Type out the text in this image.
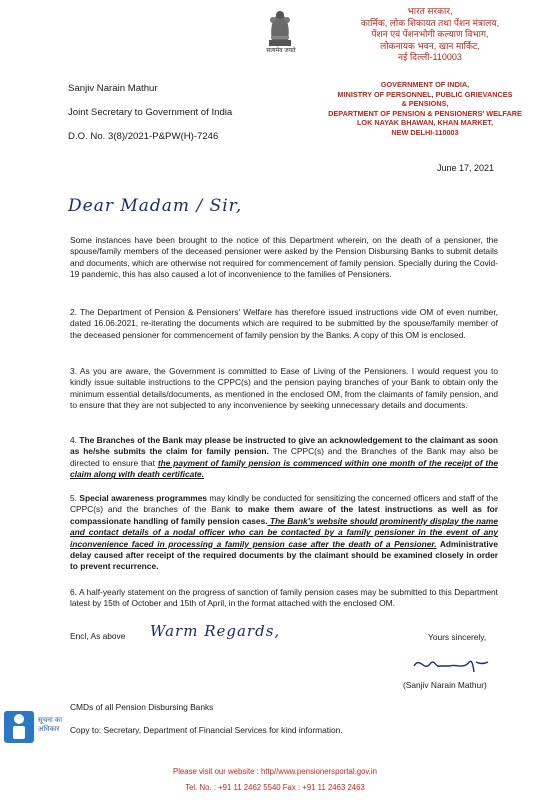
Sanjiv Narain Mathur
Joint Secretary to Government of India
D.O. No. 3(8)/2021-P&PW(H)-7246
सत्यमेव जयते
भारत सरकार,
कार्मिक, लोक शिकायत तथा पेंशन मंत्रालय,
पेंशन एवं पेंशनभोगी कल्याण विभाग,
लोकनायक भवन, खान मार्किट,
नई दिल्ली-110003
GOVERNMENT OF INDIA,
MINISTRY OF PERSONNEL, PUBLIC GRIEVANCES
& PENSIONS,
DEPARTMENT OF PENSION & PENSIONERS' WELFARE
LOK NAYAK BHAWAN, KHAN MARKET,
NEW DELHI-110003
June 17, 2021
Dear Madam / Sir,
Some instances have been brought to the notice of this Department wherein, on the death of a pensioner, the spouse/family members of the deceased pensioner were asked by the Pension Disbursing Banks to submit details and documents, which are otherwise not required for commencement of family pension. Specially during the Covid-19 pandemic, this has also caused a lot of inconvenience to the families of Pensioners.
2. The Department of Pension & Pensioners' Welfare has therefore issued instructions vide OM of even number, dated 16.06.2021, re-iterating the documents which are required to be submitted by the spouse/family member of the deceased pensioner for commencement of family pension by the Banks. A copy of this OM is enclosed.
3. As you are aware, the Government is committed to Ease of Living of the Pensioners. I would request you to kindly issue suitable instructions to the CPPC(s) and the pension paying branches of your Bank to obtain only the minimum essential details/documents, as mentioned in the enclosed OM, from the claimants of family pension, and to ensure that they are not subjected to any inconvenience by seeking unnecessary details and documents.
4. The Branches of the Bank may please be instructed to give an acknowledgement to the claimant as soon as he/she submits the claim for family pension. The CPPC(s) and the Branches of the Bank may also be directed to ensure that the payment of family pension is commenced within one month of the receipt of the claim along with death certificate.
5. Special awareness programmes may kindly be conducted for sensitizing the concerned officers and staff of the CPPC(s) and the branches of the Bank to make them aware of the latest instructions as well as for compassionate handling of family pension cases. The Bank's website should prominently display the name and contact details of a nodal officer who can be contacted by a family pensioner in the event of any inconvenience faced in processing a family pension case after the death of a Pensioner. Administrative delay caused after receipt of the required documents by the claimant should be examined closely in order to prevent recurrence.
6. A half-yearly statement on the progress of sanction of family pension cases may be submitted to this Department latest by 15th of October and 15th of April, in the format attached with the enclosed OM.
Encl, As above Warm Regards,	Yours sincerely,
(Sanjiv Narain Mathur)
CMDs of all Pension Disbursing Banks
Copy to: Secretary, Department of Financial Services for kind information.
सूचना का
अधिकार
Please visit our website : http//www.pensionersportal.gov.in
Tel. No. : +91 11 2462 5540 Fax : +91 11 2463 2463
